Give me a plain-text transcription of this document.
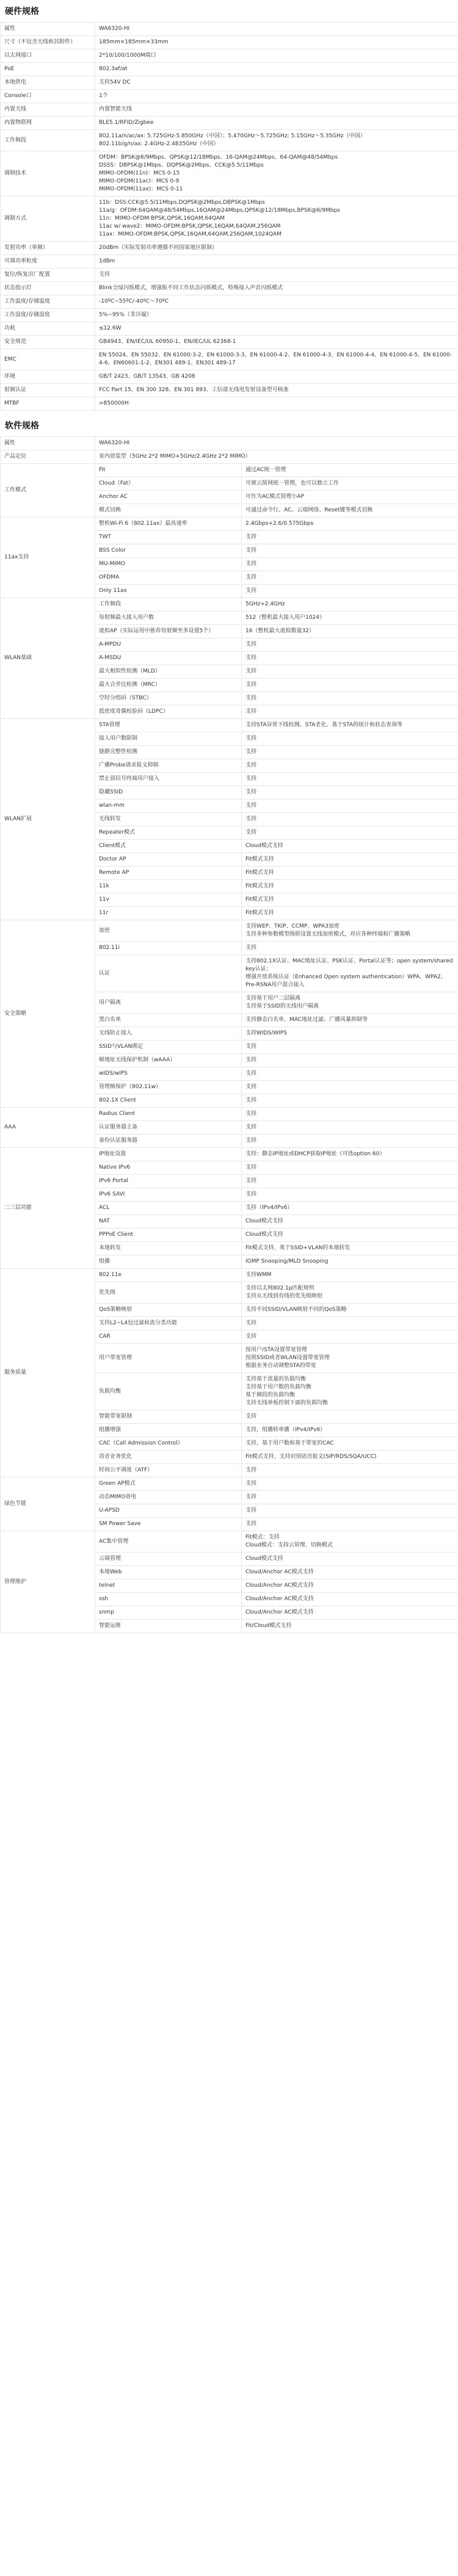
硬件规格
属性	WA6320-HI

尺寸（不包含天线和其附件）	185mm×185mm×33mm

以太网接口	2*10/100/1000M端口

PoE	802.3af/at

本地供电	支持54V DC

Console口	1个

内置天线	内置智能天线

内置物联网	BLE5.1/RFID/Zigbee

工作频段	802.11a/n/ac/ax: 5.725GHz-5.850GHz（中国）；5.470GHz～5.725GHz; 5.15GHz～5.35GHz（中国）
802.11b/g/n/ax: 2.4GHz-2.4835GHz（中国）

调制技术	OFDM：BPSK@6/9Mbps、QPSK@12/18Mbps、16-QAM@24Mbps、64-QAM@48/54Mbps
DSSS：DBPSK@1Mbps、DQPSK@2Mbps、CCK@5.5/11Mbps
MIMO-OFDM(11n)：MCS 0-15
MIMO-OFDM(11ac)：MCS 0-9
MIMO-OFDM(11ax)：MCS 0-11

调制方式	11b：DSS:CCK@5.5/11Mbps,DQPSK@2Mbps,DBPSK@1Mbps
11a/g：OFDM:64QAM@48/54Mbps,16QAM@24Mbps,QPSK@12/18Mbps,BPSK@6/9Mbps
11n：MIMO-OFDM:BPSK,QPSK,16QAM,64QAM
11ac w/ wave2：MIMO-OFDM:BPSK,QPSK,16QAM,64QAM,256QAM
11ax：MIMO-OFDM:BPSK,QPSK,16QAM,64QAM,256QAM,1024QAM

发射功率（单频）	20dBm（实际发射功率遵循不同国家地区限制）

可调功率粒度	1dBm

复位/恢复出厂配置	支持

状态指示灯	Blink全绿闪烁模式，增强版不同工作状态闪烁模式，特殊接入声音闪烁模式

工作温度/存储温度	-10ºC~55ºC/-40ºC～70ºC

工作湿度/存储湿度	5%~95%（非冷凝）

功耗	≤12.6W

安全规范	GB4943、EN/IEC/UL 60950-1、EN/IEC/UL 62368-1

EMC	EN 55024、EN 55032、EN 61000-3-2、EN 61000-3-3、EN 61000-4-2、EN 61000-4-3、EN 61000-4-4、EN 61000-4-5、EN 61000-4-6、EN60601-1-2、EN301 489-1、EN301 489-17

环境	GB/T 2423、GB/T 13543、GB 4208

射频认证	FCC Part 15、EN 300 328、EN 301 893、工信部无线电发射设备型号核准

MTBF	>850000H
软件规格
属性	WA6320-HI	

产品定位	室内放装型（5GHz 2*2 MIMO+5GHz/2.4GHz 2*2 MIMO）	

工作模式	Fit	通过AC统一管理

	Cloud（Fat）	可被云简网统一管理，也可以独立工作

	Anchor AC	可作为AC模式管理小AP

	模式切换	可通过命令行、AC、云端网络、Reset键等模式切换

11ax支持	整机Wi-Fi 6（802.11ax）最高速率	2.4Gbps+2.6/0.575Gbps

	TWT	支持

	BSS Color	支持

	MU-MIMO	支持

	OFDMA	支持

	Only 11ax	支持

WLAN基础	工作频段	5GHz+2.4GHz

	每射频最大接入用户数	512（整机最大接入用户1024）

	虚拟AP（实际运用中推荐每射频至多设置5个）	16（整机最大虚拟数量32）

	A-MPDU	支持

	A-MSDU	支持

	最大相似性检测（MLD）	支持

	最大合并比检测（MRC）	支持

	空时分组码（STBC）	支持

	低密度奇偶校验码（LDPC）	支持

WLAN扩展	STA管理	支持STA异常下线检测、STA老化、基于STA的统计和状态查询等

	接入用户数限制	支持

	链路完整性检测	支持

	广播Probe请求报文抑制	支持

	禁止弱信号终端用户接入	支持

	隐藏SSID	支持

	wlan-mm	支持

	无线转发	支持

	Repeater模式	支持

	Client模式	Cloud模式支持

	Doctor AP	Fit模式支持

	Remote AP	Fit模式支持

	11k	Fit模式支持

	11v	Fit模式支持

	11r	Fit模式支持

安全策略	加密	支持WEP、TKIP、CCMP、WPA3加密
支持多种参数模型级联设置无线加密模式，对应各种终端和广播策略

	802.11i	支持

	认证	支持802.1X认证、MAC地址认证、PSK认证、Portal认证等；open system/shared key认证；
增强开放系统认证（Enhanced Open system authentication）WPA、WPA2、Pre-RSNA用户混合接入

	用户隔离	支持基于用户二层隔离
支持基于SSID的无线用户隔离

	黑白名单	支持静态白名单、MAC地址过滤、广播风暴抑制等

	无线防止接入	支持WIDS/WIPS

	SSID与VLAN绑定	支持

	帧地址无线保护机制（wAAA）	支持

	wIDS/wIPS	支持

	管理帧保护（802.11w）	支持

	802.1X Client	支持

AAA	Radius Client	支持

	认证服务器主备	支持

	备份认证服务器	支持

二三层功能	IP地址设置	支持：静态IP地址或DHCP获取IP地址（可选option 60）

	Native IPv6	支持

	IPv6 Portal	支持

	IPv6 SAVI	支持

	ACL	支持（IPv4/IPv6）

	NAT	Cloud模式支持

	PPPoE Client	Cloud模式支持

	本地转发	Fit模式支持，基于SSID+VLAN的本地转发

	组播	IGMP Snooping/MLD Snooping

服务质量	802.11e	支持WMM

	优先级	支持以太网802.1p匹配规则
支持从无线到有线的优先级映射

	QoS策略映射	支持不同SSID/VLAN映射不同的QoS策略

	支持L2~L4包过滤和流分类功能	支持

	CAR	支持

	用户带宽管理	按用户/STA设置带宽管理
按照SSID或者WLAN设置带宽管理
根据业务自动调整STA的带宽

	负载均衡	支持基于流量的负载均衡
支持基于用户数的负载均衡
基于频段的负载均衡
支持无线单板控制下面的负载均衡

	智能带宽限制	支持

	组播增强	支持，组播转单播（IPv4/IPv6）

	CAC（Call Admission Control）	支持，基于用户数和基于带宽的CAC

	语音业务优化	Fit模式支持，支持识别语音报文(SIP/RDS/SQA/UCC)

	时间公平调度（ATF）	支持

绿色节能	Green AP模式	支持

	动态MIMO省电	支持

	U-APSD	支持

	SM Power Save	支持

管理维护	AC集中管理	Fit模式：支持
Cloud模式：支持云管理、切换模式

	云端管理	Cloud模式支持

	本地Web	Cloud/Anchor AC模式支持

	telnet	Cloud/Anchor AC模式支持

	ssh	Cloud/Anchor AC模式支持

	snmp	Cloud/Anchor AC模式支持

	智能运维	Fit/Cloud模式支持
